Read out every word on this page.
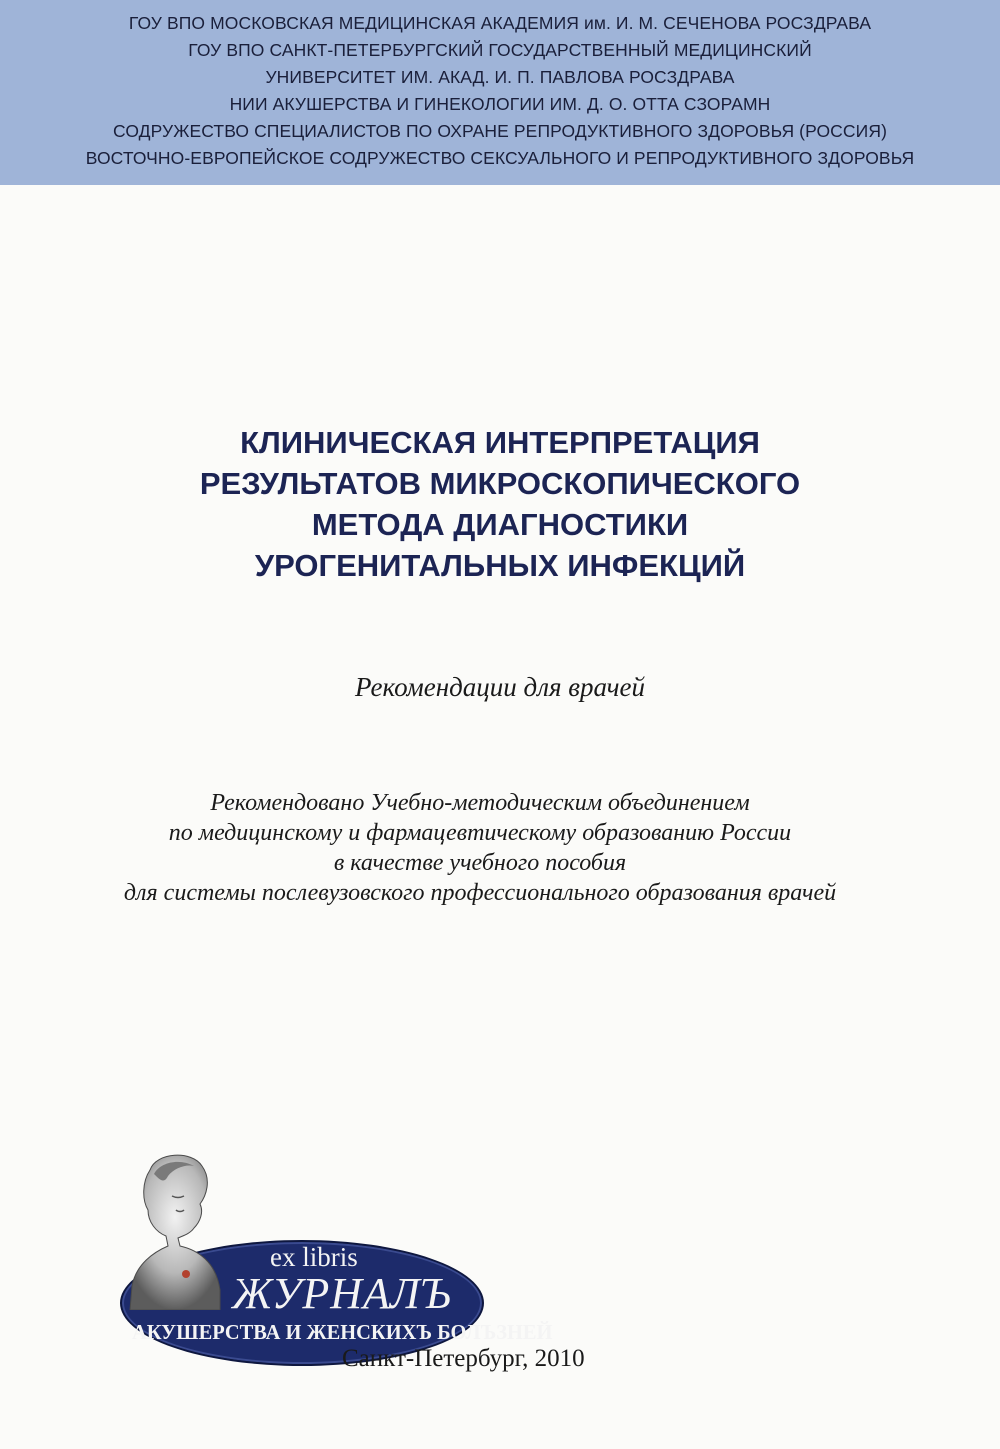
ГОУ ВПО МОСКОВСКАЯ МЕДИЦИНСКАЯ АКАДЕМИЯ им. И. М. СЕЧЕНОВА РОСЗДРАВА
ГОУ ВПО САНКТ-ПЕТЕРБУРГСКИЙ ГОСУДАРСТВЕННЫЙ МЕДИЦИНСКИЙ
УНИВЕРСИТЕТ ИМ. АКАД. И. П. ПАВЛОВА РОСЗДРАВА
НИИ АКУШЕРСТВА И ГИНЕКОЛОГИИ ИМ. Д. О. ОТТА СЗОРАМН
СОДРУЖЕСТВО СПЕЦИАЛИСТОВ ПО ОХРАНЕ РЕПРОДУКТИВНОГО ЗДОРОВЬЯ (РОССИЯ)
ВОСТОЧНО-ЕВРОПЕЙСКОЕ СОДРУЖЕСТВО СЕКСУАЛЬНОГО И РЕПРОДУКТИВНОГО ЗДОРОВЬЯ
КЛИНИЧЕСКАЯ ИНТЕРПРЕТАЦИЯ
РЕЗУЛЬТАТОВ МИКРОСКОПИЧЕСКОГО
МЕТОДА ДИАГНОСТИКИ
УРОГЕНИТАЛЬНЫХ ИНФЕКЦИЙ

Рекомендации для врачей

Рекомендовано Учебно-методическим объединением
по медицинскому и фармацевтическому образованию России
в качестве учебного пособия
для системы послевузовского профессионального образования врачей

ex libris
ЖУРНАЛЪ
АКУШЕРСТВА И ЖЕНСКИХЪ БОЛЪЗНЕЙ

Санкт-Петербург, 2010
